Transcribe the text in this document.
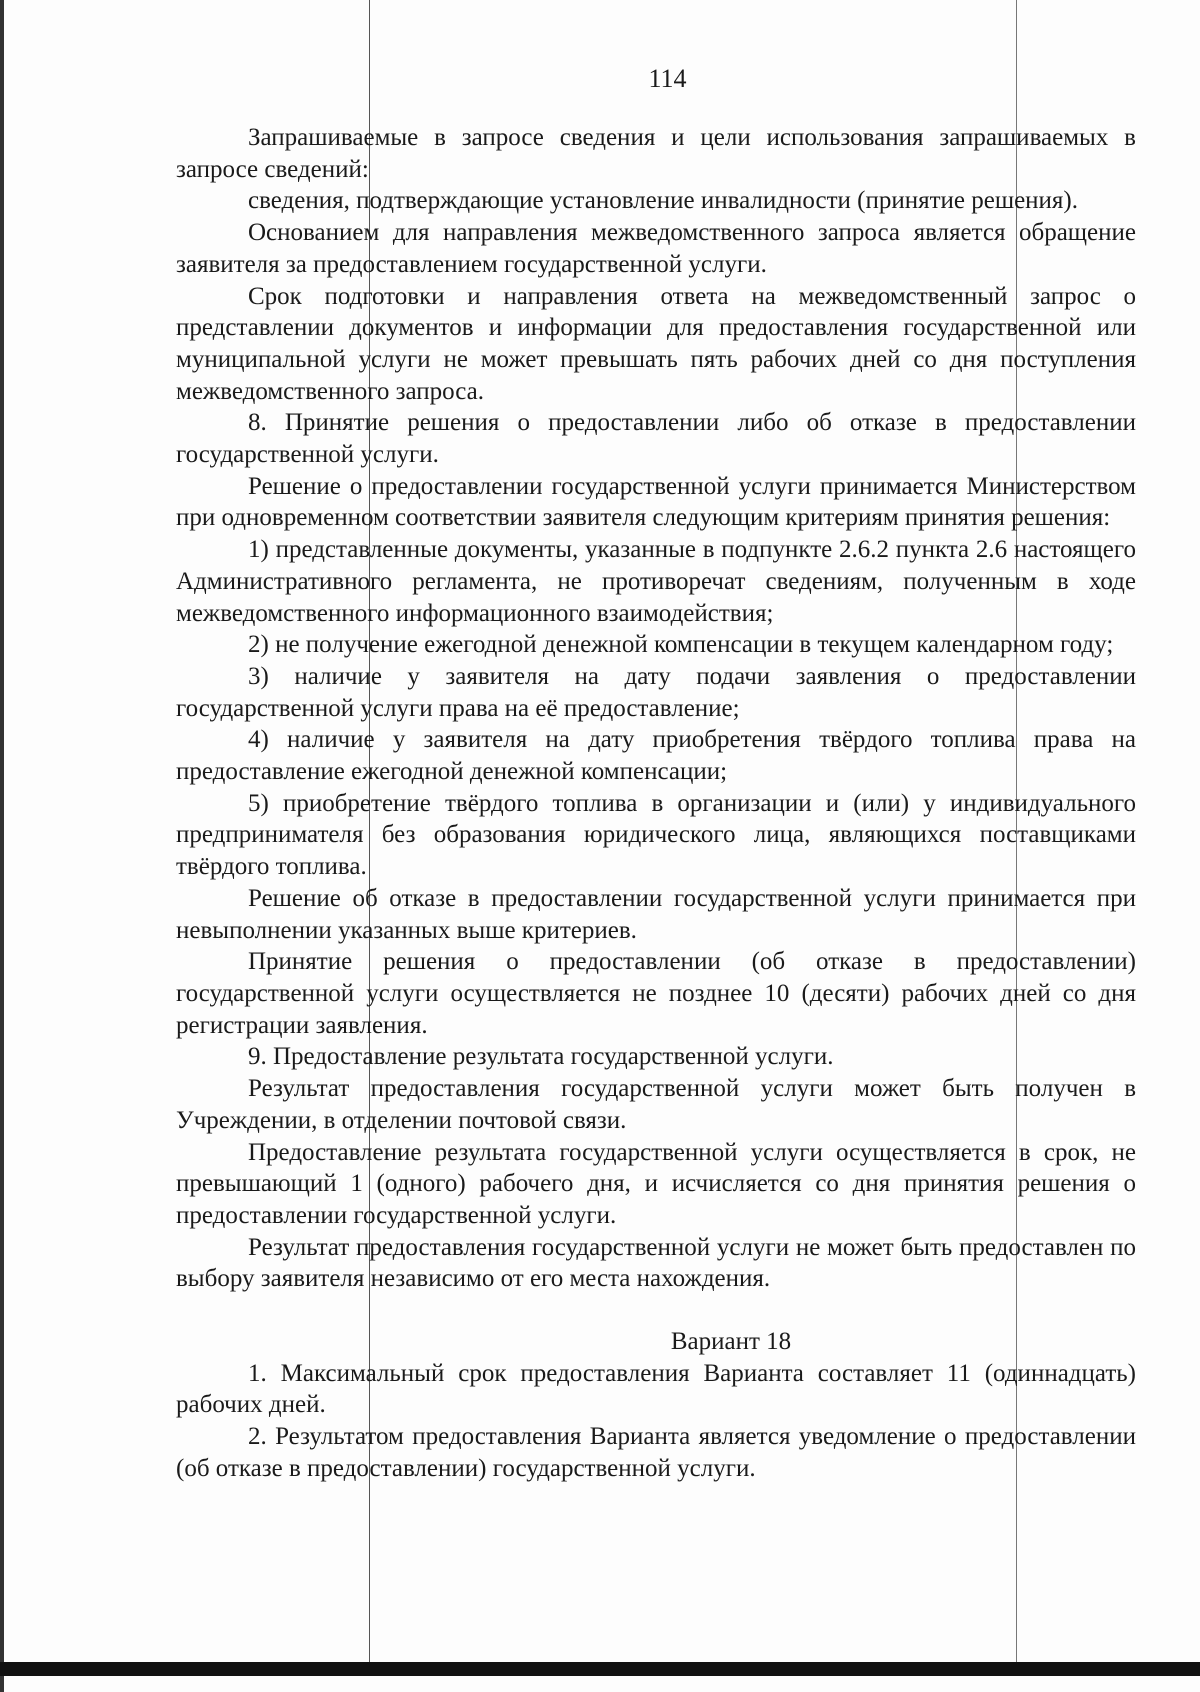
114

Запрашиваемые в запросе сведения и цели использования запрашиваемых в запросе сведений:

сведения, подтверждающие установление инвалидности (принятие решения).

Основанием для направления межведомственного запроса является обращение заявителя за предоставлением государственной услуги.

Срок подготовки и направления ответа на межведомственный запрос о представлении документов и информации для предоставления государственной или муниципальной услуги не может превышать пять рабочих дней со дня поступления межведомственного запроса.

8. Принятие решения о предоставлении либо об отказе в предоставлении государственной услуги.

Решение о предоставлении государственной услуги принимается Министерством при одновременном соответствии заявителя следующим критериям принятия решения:

1) представленные документы, указанные в подпункте 2.6.2 пункта 2.6 настоящего Административного регламента, не противоречат сведениям, полученным в ходе межведомственного информационного взаимодействия;

2) не получение ежегодной денежной компенсации в текущем календарном году;

3) наличие у заявителя на дату подачи заявления о предоставлении государственной услуги права на её предоставление;

4) наличие у заявителя на дату приобретения твёрдого топлива права на предоставление ежегодной денежной компенсации;

5) приобретение твёрдого топлива в организации и (или) у индивидуального предпринимателя без образования юридического лица, являющихся поставщиками твёрдого топлива.

Решение об отказе в предоставлении государственной услуги принимается при невыполнении указанных выше критериев.

Принятие решения о предоставлении (об отказе в предоставлении) государственной услуги осуществляется не позднее 10 (десяти) рабочих дней со дня регистрации заявления.

9. Предоставление результата государственной услуги.

Результат предоставления государственной услуги может быть получен в Учреждении, в отделении почтовой связи.

Предоставление результата государственной услуги осуществляется в срок, не превышающий 1 (одного) рабочего дня, и исчисляется со дня принятия решения о предоставлении государственной услуги.

Результат предоставления государственной услуги не может быть предоставлен по выбору заявителя независимо от его места нахождения.

Вариант 18

1. Максимальный срок предоставления Варианта составляет 11 (одиннадцать) рабочих дней.

2. Результатом предоставления Варианта является уведомление о предоставлении (об отказе в предоставлении) государственной услуги.
